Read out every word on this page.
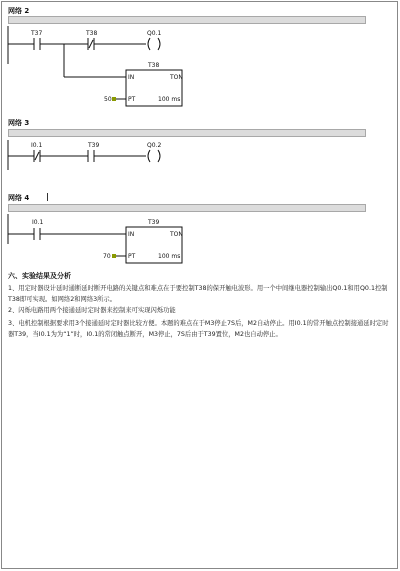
网络 2
T37	T38	Q0.1
T38
IN	TON
50	PT	100 ms
网络 3
I0.1	T39	Q0.2
网络 4
I0.1	T39
IN	TON
70	PT	100 ms
六、实验结果及分析
1、用定时器设计延时通断延时断开电路的关键点和难点在于要控制T38的保开触电波形。用一个中间继电器控制输出Q0.1和用Q0.1控制T38即可实现。如网络2和网络3所示。
2、闪烁电路用两个接通延时定时器来控制来可实现闪烁功能
3、电机控制根据要求用3个接通延时定时器比较方便。本题的难点在于M3停止7S后，M2自动停止。用I0.1的常开触点控制接通延时定时器T39，当I0.1为为“1”时，I0.1的常闭触点断开，M3停止，7S后由于T39置位，M2也自动停止。
